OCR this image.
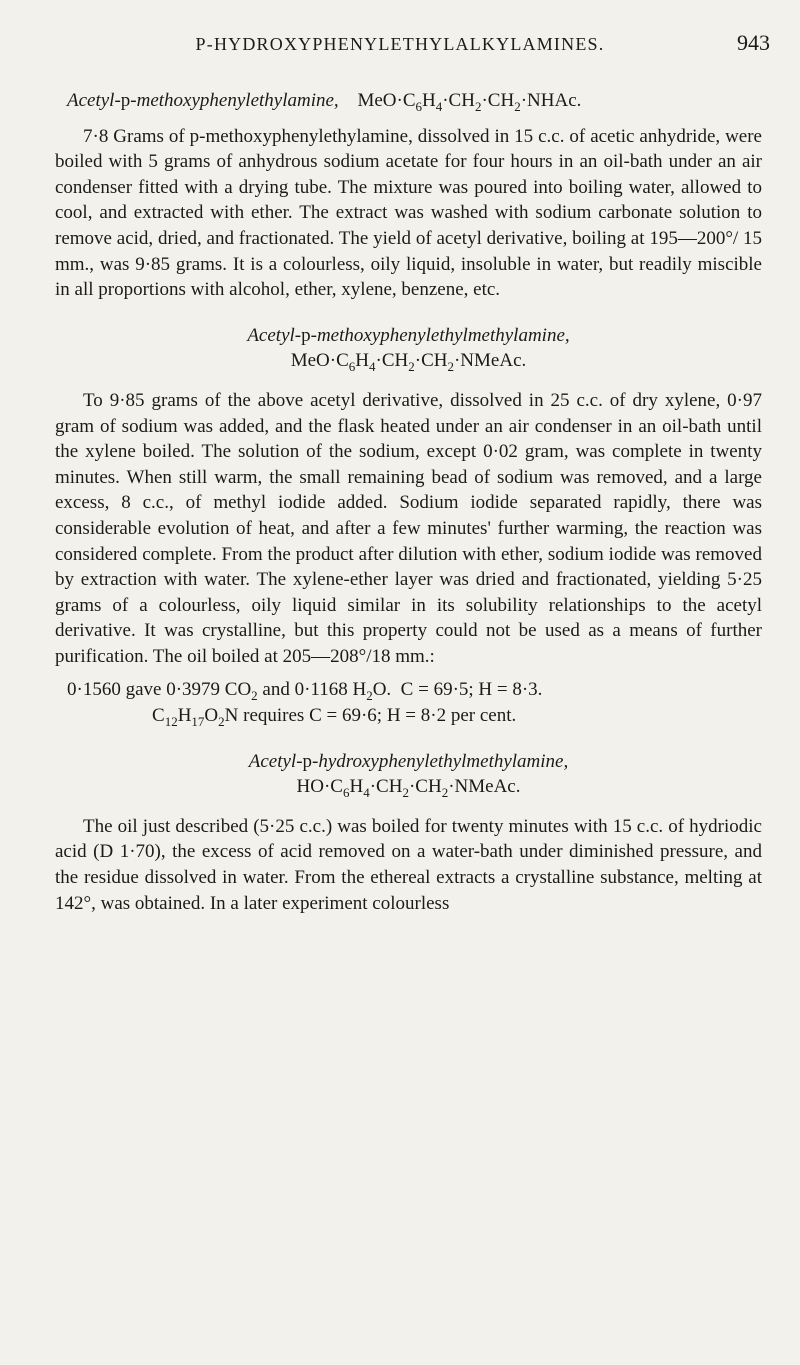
P-HYDROXYPHENYLETHYLALKYLAMINES.	943
Acetyl-p-methoxyphenylethylamine, $MeO\cdot C_6H_4\cdot CH_2\cdot CH_2\cdot NHAc$.

7·8 Grams of p-methoxyphenylethylamine, dissolved in 15 c.c. of acetic anhydride, were boiled with 5 grams of anhydrous sodium acetate for four hours in an oil-bath under an air condenser fitted with a drying tube. The mixture was poured into boiling water, allowed to cool, and extracted with ether. The extract was washed with sodium carbonate solution to remove acid, dried, and fractionated. The yield of acetyl derivative, boiling at 195—200°/ 15 mm., was 9·85 grams. It is a colourless, oily liquid, insoluble in water, but readily miscible in all proportions with alcohol, ether, xylene, benzene, etc.

Acetyl-p-methoxyphenylethylmethylamine,
$MeO\cdot C_6H_4\cdot CH_2\cdot CH_2\cdot NMeAc$.

To 9·85 grams of the above acetyl derivative, dissolved in 25 c.c. of dry xylene, 0·97 gram of sodium was added, and the flask heated under an air condenser in an oil-bath until the xylene boiled. The solution of the sodium, except 0·02 gram, was complete in twenty minutes. When still warm, the small remaining bead of sodium was removed, and a large excess, 8 c.c., of methyl iodide added. Sodium iodide separated rapidly, there was considerable evolution of heat, and after a few minutes' further warming, the reaction was considered complete. From the product after dilution with ether, sodium iodide was removed by extraction with water. The xylene-ether layer was dried and fractionated, yielding 5·25 grams of a colourless, oily liquid similar in its solubility relationships to the acetyl derivative. It was crystalline, but this property could not be used as a means of further purification. The oil boiled at 205—208°/18 mm.:

0·1560 gave 0·3979 $CO_2$ and 0·1168 $H_2O$.  C = 69·5; H = 8·3.
$C_{12}H_{17}O_2N$ requires C = 69·6; H = 8·2 per cent.
Acetyl-p-hydroxyphenylethylmethylamine,
$HO\cdot C_6H_4\cdot CH_2\cdot CH_2\cdot NMeAc$.

The oil just described (5·25 c.c.) was boiled for twenty minutes with 15 c.c. of hydriodic acid (D 1·70), the excess of acid removed on a water-bath under diminished pressure, and the residue dissolved in water. From the ethereal extracts a crystalline substance, melting at 142°, was obtained. In a later experiment colourless
